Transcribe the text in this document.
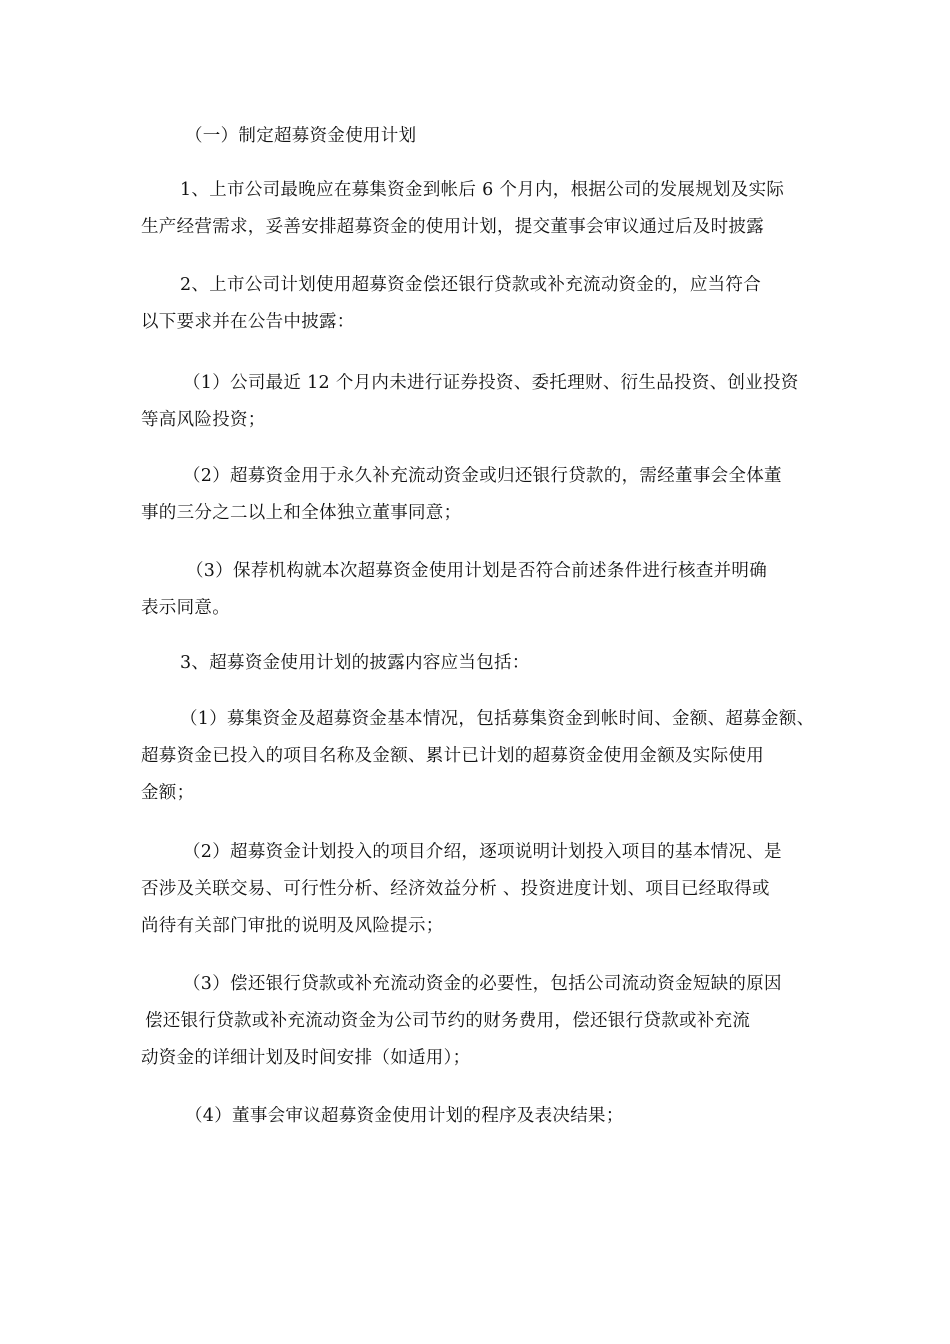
（一）制定超募资金使用计划
1、上市公司最晚应在募集资金到帐后 6 个月内，根据公司的发展规划及实际
生产经营需求，妥善安排超募资金的使用计划，提交董事会审议通过后及时披露
2、上市公司计划使用超募资金偿还银行贷款或补充流动资金的，应当符合
以下要求并在公告中披露：
（1）公司最近 12 个月内未进行证券投资、委托理财、衍生品投资、创业投资
等高风险投资；
（2）超募资金用于永久补充流动资金或归还银行贷款的，需经董事会全体董
事的三分之二以上和全体独立董事同意；
（3）保荐机构就本次超募资金使用计划是否符合前述条件进行核查并明确
表示同意。
3、超募资金使用计划的披露内容应当包括：
（1）募集资金及超募资金基本情况，包括募集资金到帐时间、金额、超募金额、
超募资金已投入的项目名称及金额、累计已计划的超募资金使用金额及实际使用
金额；
（2）超募资金计划投入的项目介绍，逐项说明计划投入项目的基本情况、是
否涉及关联交易、可行性分析、经济效益分析 、投资进度计划、项目已经取得或
尚待有关部门审批的说明及风险提示；
（3）偿还银行贷款或补充流动资金的必要性，包括公司流动资金短缺的原因
偿还银行贷款或补充流动资金为公司节约的财务费用，偿还银行贷款或补充流
动资金的详细计划及时间安排（如适用）；
（4）董事会审议超募资金使用计划的程序及表决结果；
